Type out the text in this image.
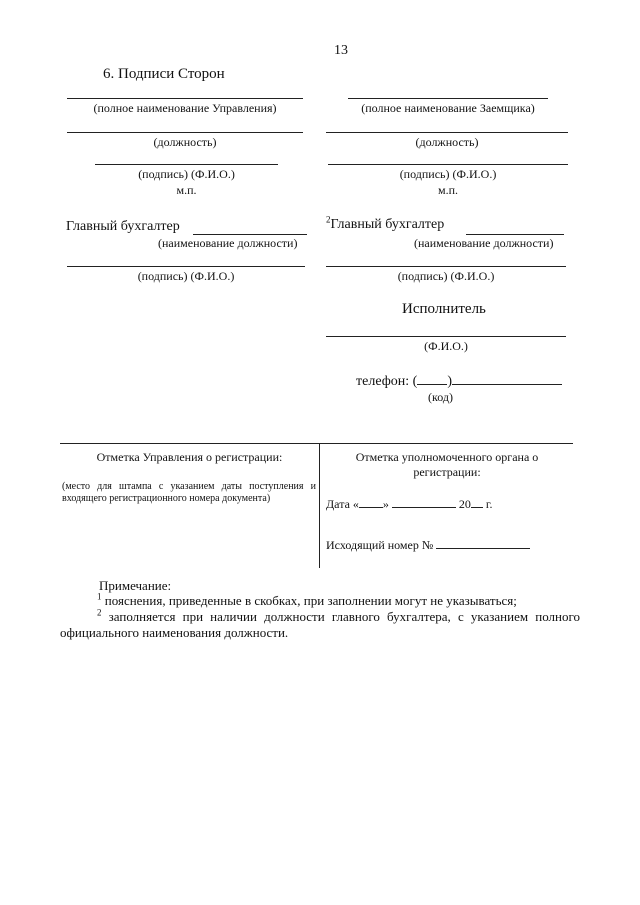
13
6. Подписи Сторон
(полное наименование Управления)
(должность)
(подпись) (Ф.И.О.)
м.п.
Главный бухгалтер
(наименование должности)
(подпись) (Ф.И.О.)
(полное наименование Заемщика)
(должность)
(подпись) (Ф.И.О.)
м.п.
$^2$Главный бухгалтер
(наименование должности)
(подпись) (Ф.И.О.)
Исполнитель
(Ф.И.О.)
телефон: ( )
(код)
Отметка Управления о регистрации:
(место для штампа с указанием даты поступления и входящего регистрационного номера документа)
Отметка уполномоченного органа о регистрации:
Дата « »	20 г.
Исходящий номер №
Примечание:
$^1$ пояснения, приведенные в скобках, при заполнении могут не указываться;
$^2$ заполняется при наличии должности главного бухгалтера, с указанием полного официального наименования должности.
